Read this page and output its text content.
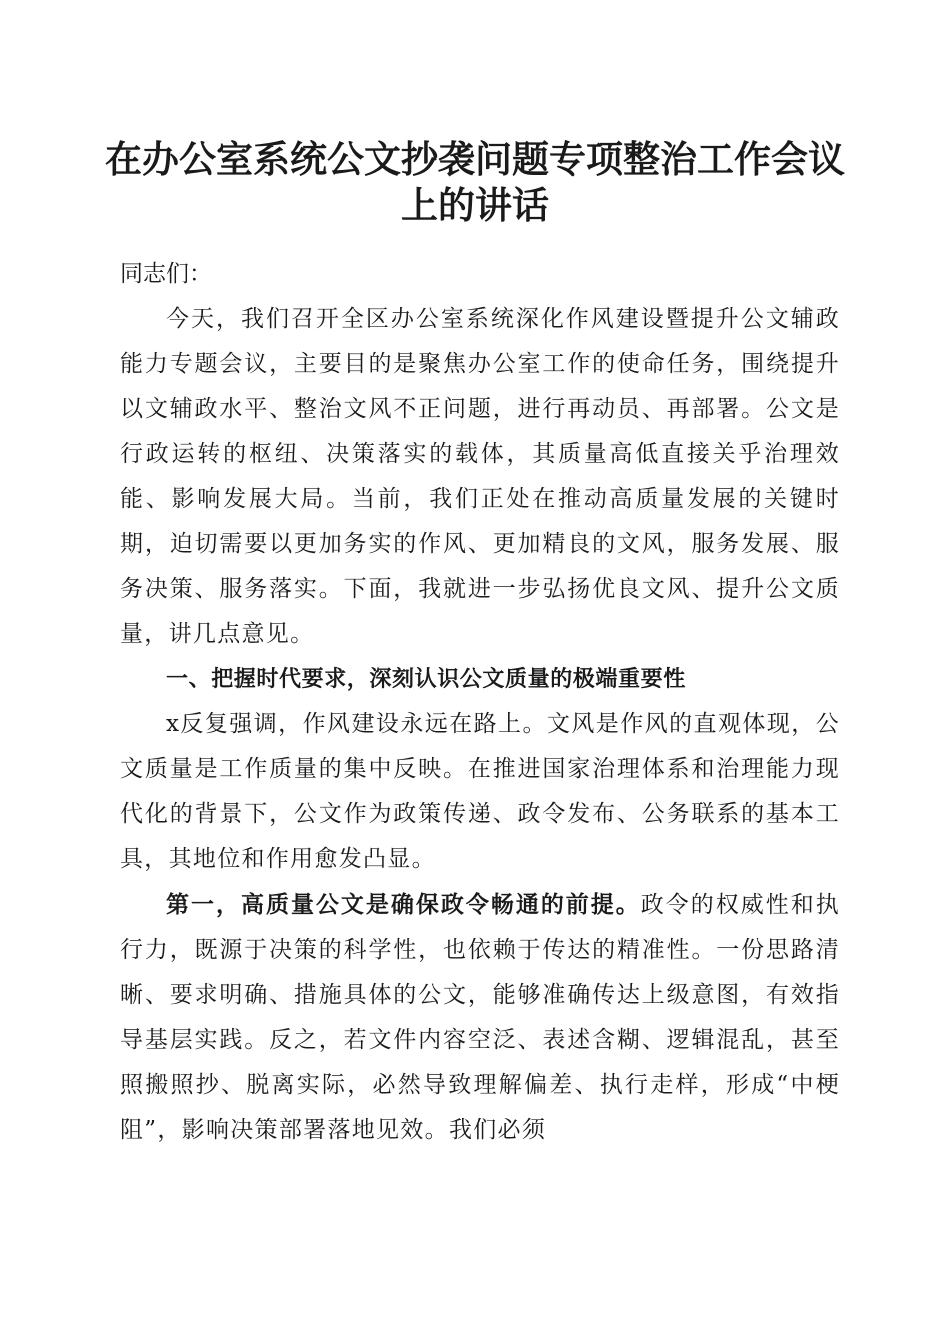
在办公室系统公文抄袭问题专项整治工作会议
上的讲话

同志们：

今天，我们召开全区办公室系统深化作风建设暨提升公文辅政能力专题会议，主要目的是聚焦办公室工作的使命任务，围绕提升以文辅政水平、整治文风不正问题，进行再动员、再部署。公文是行政运转的枢纽、决策落实的载体，其质量高低直接关乎治理效能、影响发展大局。当前，我们正处在推动高质量发展的关键时期，迫切需要以更加务实的作风、更加精良的文风，服务发展、服务决策、服务落实。下面，我就进一步弘扬优良文风、提升公文质量，讲几点意见。

一、把握时代要求，深刻认识公文质量的极端重要性

x反复强调，作风建设永远在路上。文风是作风的直观体现，公文质量是工作质量的集中反映。在推进国家治理体系和治理能力现代化的背景下，公文作为政策传递、政令发布、公务联系的基本工具，其地位和作用愈发凸显。

第一，高质量公文是确保政令畅通的前提。政令的权威性和执行力，既源于决策的科学性，也依赖于传达的精准性。一份思路清晰、要求明确、措施具体的公文，能够准确传达上级意图，有效指导基层实践。反之，若文件内容空泛、表述含糊、逻辑混乱，甚至照搬照抄、脱离实际，必然导致理解偏差、执行走样，形成“中梗阻”，影响决策部署落地见效。我们必须
